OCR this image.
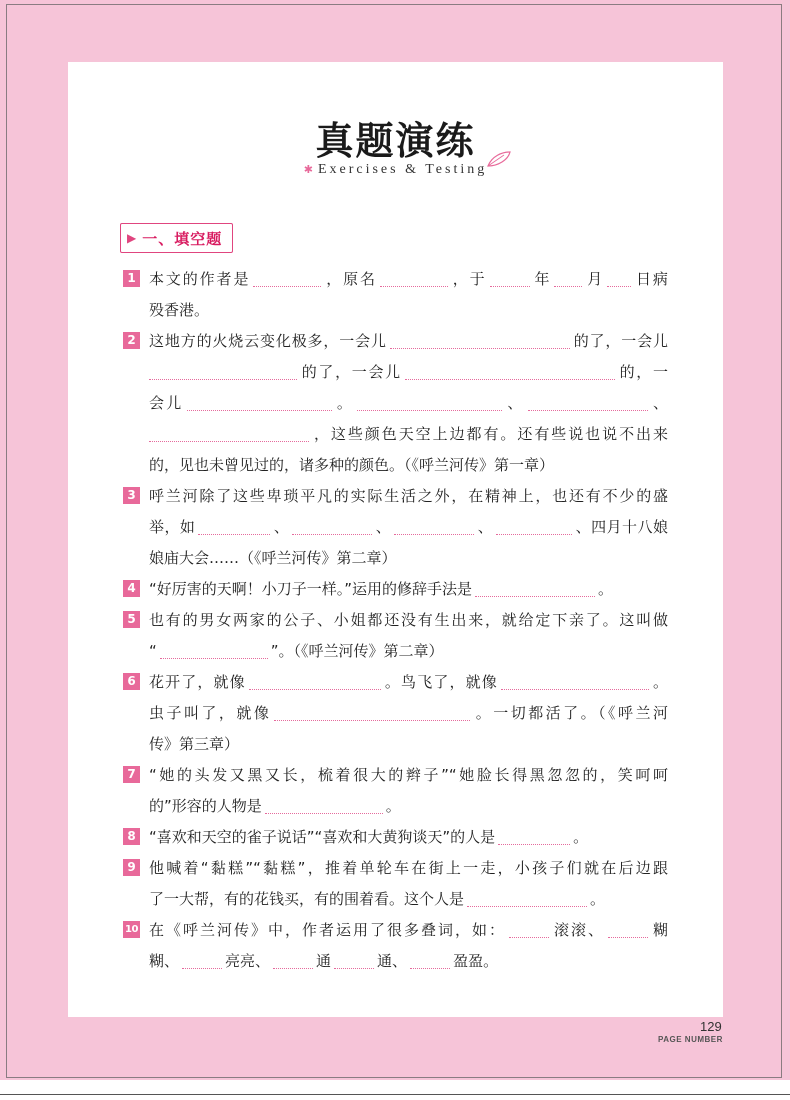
真题演练
✱ Exercises & Testing
▶ 一、填空题
1 本文的作者是	，原名	，于	年 月 日病
殁香港。
2 这地方的火烧云变化极多，一会儿	的了，一会儿
的了，一会儿	的，一
会儿	。	、	、
，这些颜色天空上边都有。还有些说也说不出来
的，见也未曾见过的，诸多种的颜色。（《呼兰河传》第一章）
3 呼兰河除了这些卑琐平凡的实际生活之外，在精神上，也还有不少的盛
举，如	、	、	、	、四月十八娘
娘庙大会……（《呼兰河传》第二章）
4 “好厉害的天啊！小刀子一样。”运用的修辞手法是	。
5 也有的男女两家的公子、小姐都还没有生出来，就给定下亲了。这叫做
“	”。（《呼兰河传》第二章）
6 花开了，就像	。鸟飞了，就像	。
虫子叫了，就像	。一切都活了。（《呼兰河
传》第三章）
7 “她的头发又黑又长，梳着很大的辫子”“她脸长得黑忽忽的，笑呵呵
的”形容的人物是	。
8 “喜欢和天空的雀子说话”“喜欢和大黄狗谈天”的人是	。
9 他喊着“黏糕”“黏糕”，推着单轮车在街上一走，小孩子们就在后边跟
了一大帮，有的花钱买，有的围着看。这个人是	。
10 在《呼兰河传》中，作者运用了很多叠词，如：	滚滚、	糊
糊、	亮亮、	通	通、	盈盈。
129
PAGE NUMBER
